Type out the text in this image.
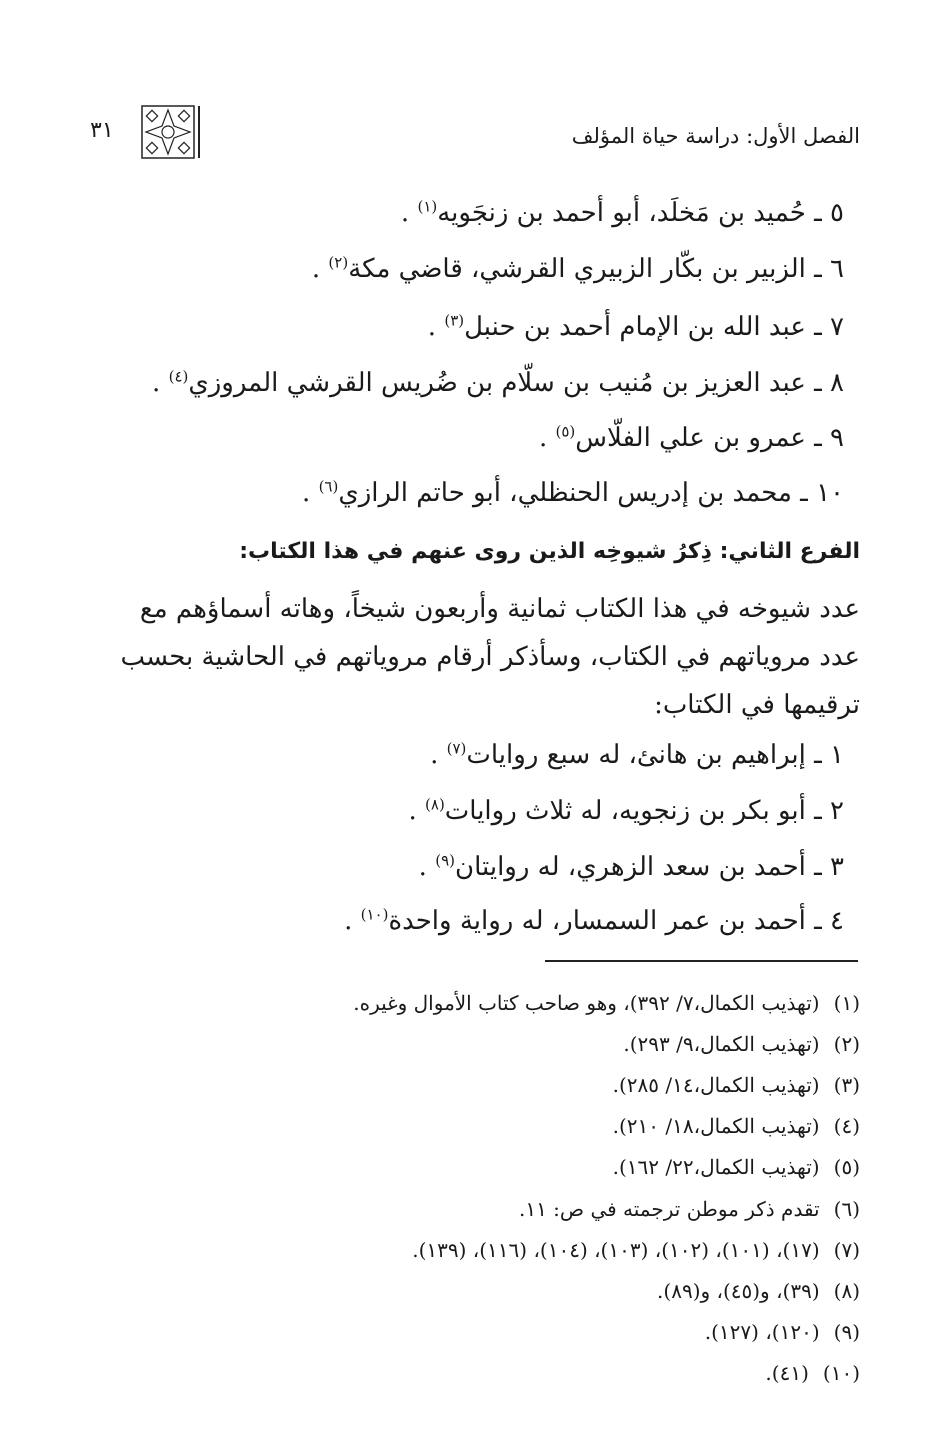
الفصل الأول: دراسة حياة المؤلف
٣١
٥ ـ حُميد بن مَخلَد، أبو أحمد بن زنجَويه$^{(١)}$ .
٦ ـ الزبير بن بكّار الزبيري القرشي، قاضي مكة$^{(٢)}$ .
٧ ـ عبد الله بن الإمام أحمد بن حنبل$^{(٣)}$ .
٨ ـ عبد العزيز بن مُنيب بن سلّام بن ضُريس القرشي المروزي$^{(٤)}$ .
٩ ـ عمرو بن علي الفلّاس$^{(٥)}$ .
١٠ ـ محمد بن إدريس الحنظلي، أبو حاتم الرازي$^{(٦)}$ .
الفرع الثاني: ذِكرُ شيوخِه الذين روى عنهم في هذا الكتاب:
عدد شيوخه في هذا الكتاب ثمانية وأربعون شيخاً، وهاته أسماؤهم مع
عدد مروياتهم في الكتاب، وسأذكر أرقام مروياتهم في الحاشية بحسب
ترقيمها في الكتاب:
١ ـ إبراهيم بن هانئ، له سبع روايات$^{(٧)}$ .
٢ ـ أبو بكر بن زنجويه، له ثلاث روايات$^{(٨)}$ .
٣ ـ أحمد بن سعد الزهري، له روايتان$^{(٩)}$ .
٤ ـ أحمد بن عمر السمسار، له رواية واحدة$^{(١٠)}$ .
(١)(تهذيب الكمال،٧/ ٣٩٢)، وهو صاحب كتاب الأموال وغيره.
(٢)(تهذيب الكمال،٩/ ٢٩٣).
(٣)(تهذيب الكمال،١٤/ ٢٨٥).
(٤)(تهذيب الكمال،١٨/ ٢١٠).
(٥)(تهذيب الكمال،٢٢/ ١٦٢).
(٦)تقدم ذكر موطن ترجمته في ص: ١١.
(٧)(١٧)، (١٠١)، (١٠٢)، (١٠٣)، (١٠٤)، (١١٦)، (١٣٩).
(٨)(٣٩)، و(٤٥)، و(٨٩).
(٩)(١٢٠)، (١٢٧).
(١٠)(٤١).
